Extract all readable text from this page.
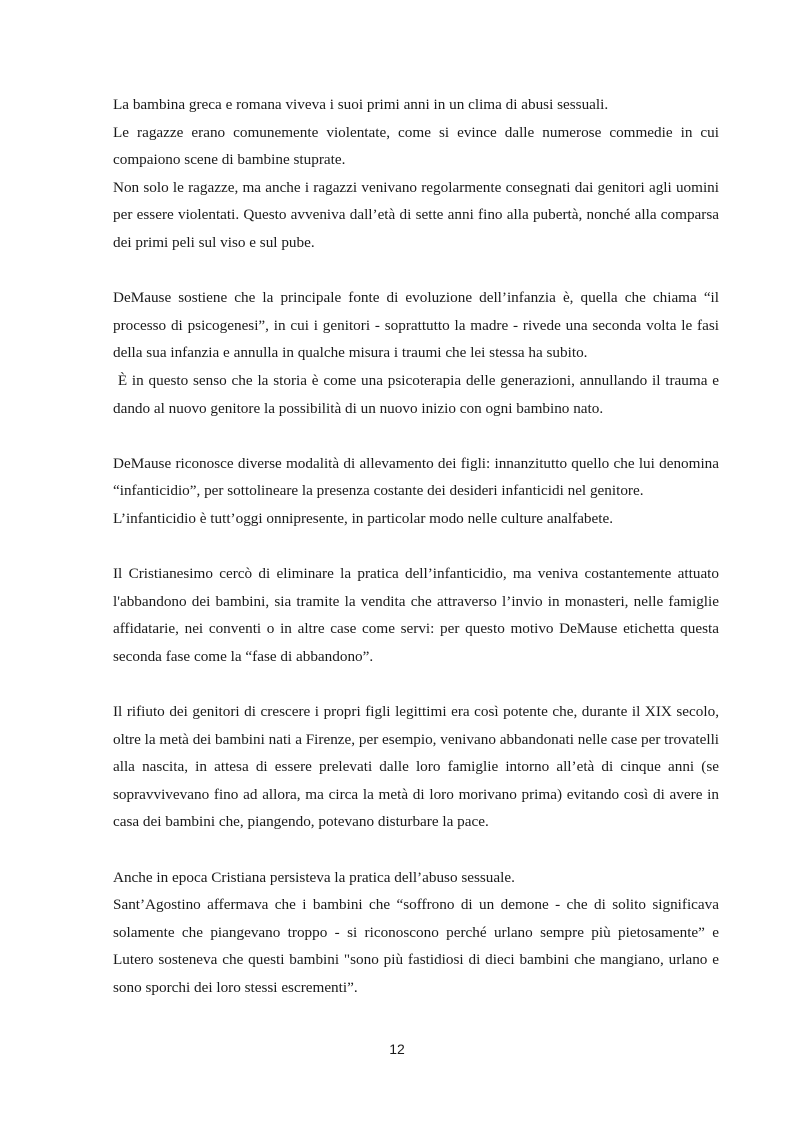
La bambina greca e romana viveva i suoi primi anni in un clima di abusi sessuali.
Le ragazze erano comunemente violentate, come si evince dalle numerose commedie in cui compaiono scene di bambine stuprate.
Non solo le ragazze, ma anche i ragazzi venivano regolarmente consegnati dai genitori agli uomini per essere violentati. Questo avveniva dall’età di sette anni fino alla pubertà, nonché alla comparsa dei primi peli sul viso e sul pube.
DeMause sostiene che la principale fonte di evoluzione dell’infanzia è, quella che chiama “il processo di psicogenesi”, in cui i genitori - soprattutto la madre - rivede una seconda volta le fasi della sua infanzia e annulla in qualche misura i traumi che lei stessa ha subito.
È in questo senso che la storia è come una psicoterapia delle generazioni, annullando il trauma e dando al nuovo genitore la possibilità di un nuovo inizio con ogni bambino nato.
DeMause riconosce diverse modalità di allevamento dei figli: innanzitutto quello che lui denomina “infanticidio”, per sottolineare la presenza costante dei desideri infanticidi nel genitore.
L’infanticidio è tutt’oggi onnipresente, in particolar modo nelle culture analfabete.
Il Cristianesimo cercò di eliminare la pratica dell’infanticidio, ma veniva costantemente attuato l'abbandono dei bambini, sia tramite la vendita che attraverso l’invio in monasteri, nelle famiglie affidatarie, nei conventi o in altre case come servi: per questo motivo DeMause etichetta questa seconda fase come la “fase di abbandono”.
Il rifiuto dei genitori di crescere i propri figli legittimi era così potente che, durante il XIX secolo, oltre la metà dei bambini nati a Firenze, per esempio, venivano abbandonati nelle case per trovatelli alla nascita, in attesa di essere prelevati dalle loro famiglie intorno all’età di cinque anni (se sopravvivevano fino ad allora, ma circa la metà di loro morivano prima) evitando così di avere in casa dei bambini che, piangendo, potevano disturbare la pace.
Anche in epoca Cristiana persisteva la pratica dell’abuso sessuale.
Sant’Agostino affermava che i bambini che “soffrono di un demone - che di solito significava solamente che piangevano troppo - si riconoscono perché urlano sempre più pietosamente” e Lutero sosteneva che questi bambini "sono più fastidiosi di dieci bambini che mangiano, urlano e sono sporchi dei loro stessi escrementi”.
12
